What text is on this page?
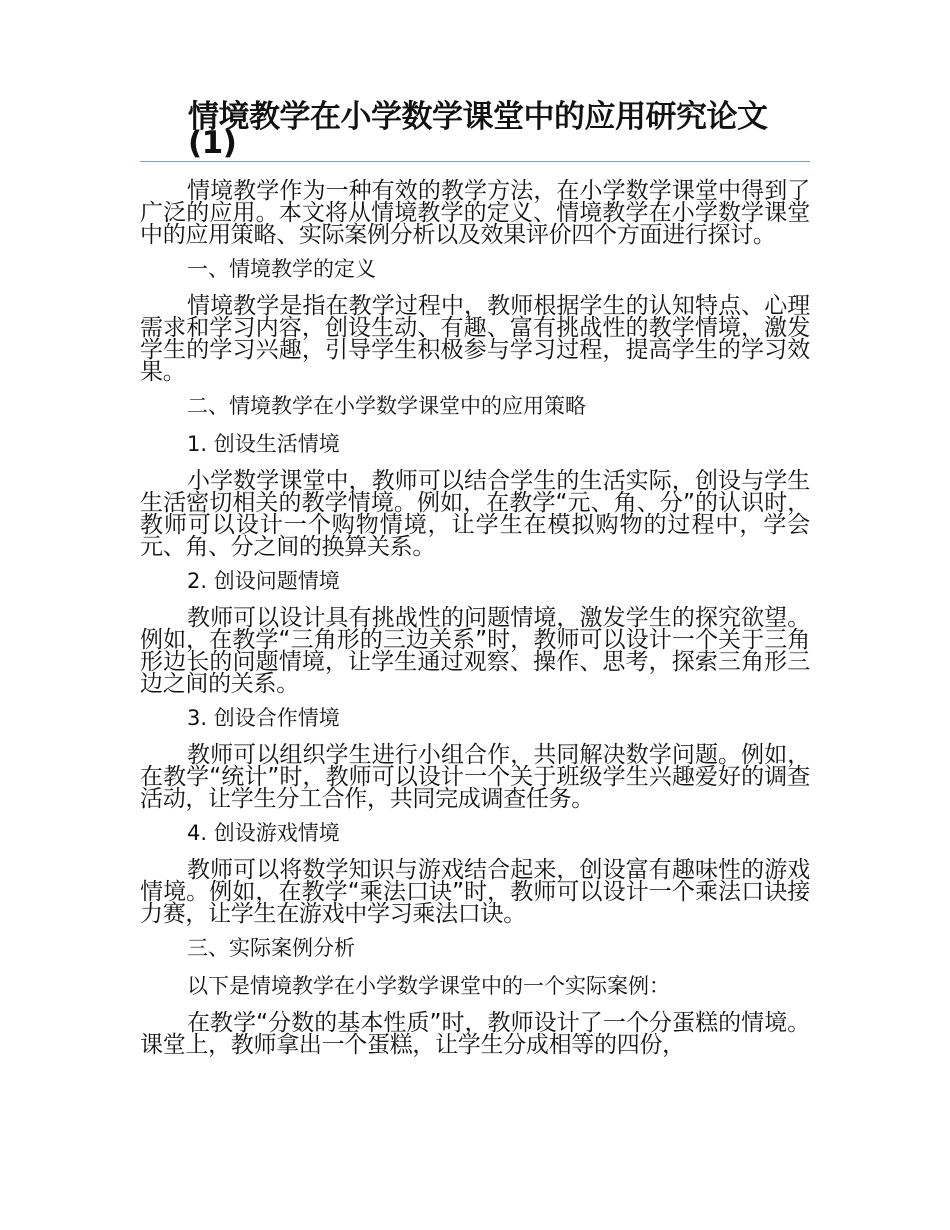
情境教学在小学数学课堂中的应用研究论文 (1)

情境教学作为一种有效的教学方法，在小学数学课堂中得到了广泛的应用。本文将从情境教学的定义、情境教学在小学数学课堂中的应用策略、实际案例分析以及效果评价四个方面进行探讨。

一、情境教学的定义

情境教学是指在教学过程中，教师根据学生的认知特点、心理需求和学习内容，创设生动、有趣、富有挑战性的教学情境，激发学生的学习兴趣，引导学生积极参与学习过程，提高学生的学习效果。

二、情境教学在小学数学课堂中的应用策略

1. 创设生活情境

小学数学课堂中，教师可以结合学生的生活实际，创设与学生生活密切相关的教学情境。例如，在教学“元、角、分”的认识时，教师可以设计一个购物情境，让学生在模拟购物的过程中，学会元、角、分之间的换算关系。

2. 创设问题情境

教师可以设计具有挑战性的问题情境，激发学生的探究欲望。例如，在教学“三角形的三边关系”时，教师可以设计一个关于三角形边长的问题情境，让学生通过观察、操作、思考，探索三角形三边之间的关系。

3. 创设合作情境

教师可以组织学生进行小组合作，共同解决数学问题。例如，在教学“统计”时，教师可以设计一个关于班级学生兴趣爱好的调查活动，让学生分工合作，共同完成调查任务。

4. 创设游戏情境

教师可以将数学知识与游戏结合起来，创设富有趣味性的游戏情境。例如，在教学“乘法口诀”时，教师可以设计一个乘法口诀接力赛，让学生在游戏中学习乘法口诀。

三、实际案例分析

以下是情境教学在小学数学课堂中的一个实际案例：

在教学“分数的基本性质”时，教师设计了一个分蛋糕的情境。课堂上，教师拿出一个蛋糕，让学生分成相等的四份，
